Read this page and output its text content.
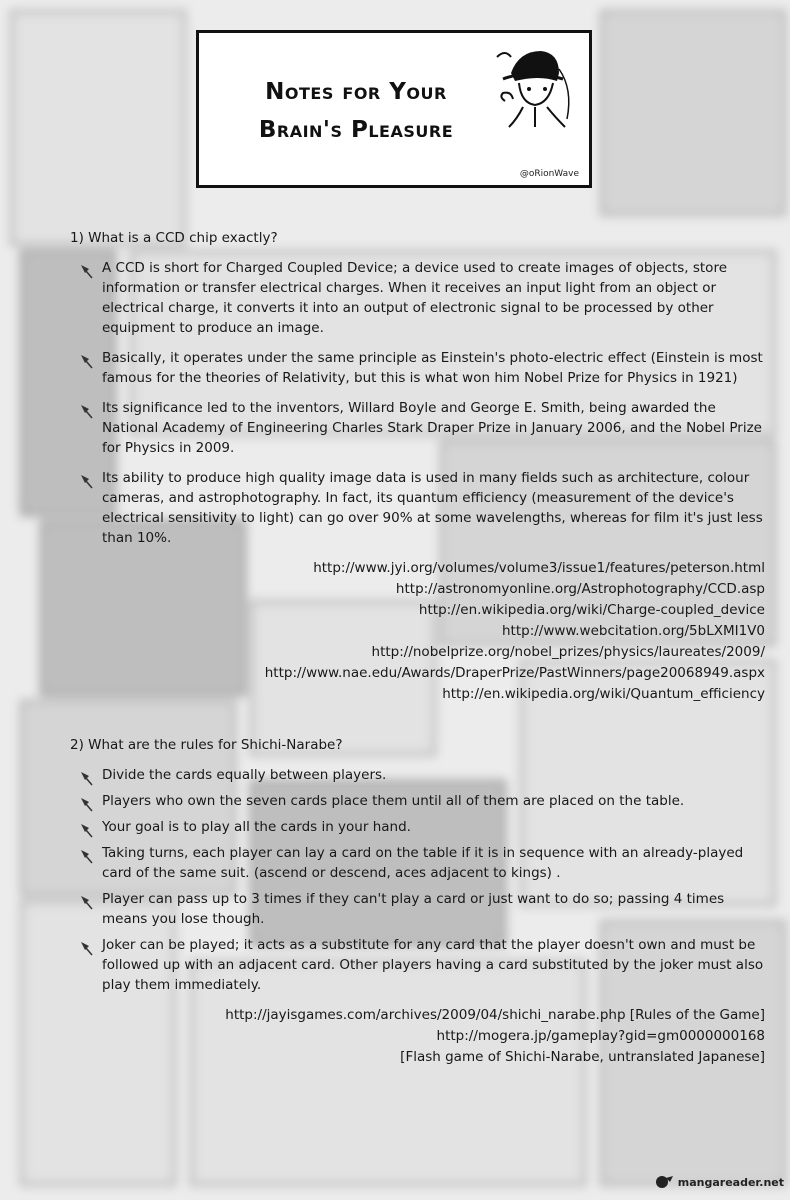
Notes for Your
Brain's Pleasure
@oRionWave
1) What is a CCD chip exactly?
A CCD is short for Charged Coupled Device; a device used to create images of objects, store information or transfer electrical charges. When it receives an input light from an object or electrical charge, it converts it into an output of electronic signal to be processed by other equipment to produce an image.
Basically, it operates under the same principle as Einstein's photo-electric effect (Einstein is most famous for the theories of Relativity, but this is what won him Nobel Prize for Physics in 1921)
Its significance led to the inventors, Willard Boyle and George E. Smith, being awarded the National Academy of Engineering Charles Stark Draper Prize in January 2006, and the Nobel Prize for Physics in 2009.
Its ability to produce high quality image data is used in many fields such as architecture, colour cameras, and astrophotography. In fact, its quantum efficiency (measurement of the device's electrical sensitivity to light) can go over 90% at some wavelengths, whereas for film it's just less than 10%.
http://www.jyi.org/volumes/volume3/issue1/features/peterson.html
http://astronomyonline.org/Astrophotography/CCD.asp
http://en.wikipedia.org/wiki/Charge-coupled_device
http://www.webcitation.org/5bLXMI1V0
http://nobelprize.org/nobel_prizes/physics/laureates/2009/
http://www.nae.edu/Awards/DraperPrize/PastWinners/page20068949.aspx
http://en.wikipedia.org/wiki/Quantum_efficiency
2) What are the rules for Shichi-Narabe?
Divide the cards equally between players.
Players who own the seven cards place them until all of them are placed on the table.
Your goal is to play all the cards in your hand.
Taking turns, each player can lay a card on the table if it is in sequence with an already-played card of the same suit. (ascend or descend, aces adjacent to kings) .
Player can pass up to 3 times if they can't play a card or just want to do so; passing 4 times means you lose though.
Joker can be played; it acts as a substitute for any card that the player doesn't own and must be followed up with an adjacent card. Other players having a card substituted by the joker must also play them immediately.
http://jayisgames.com/archives/2009/04/shichi_narabe.php [Rules of the Game]
http://mogera.jp/gameplay?gid=gm0000000168
[Flash game of Shichi-Narabe, untranslated Japanese]
mangareader.net
